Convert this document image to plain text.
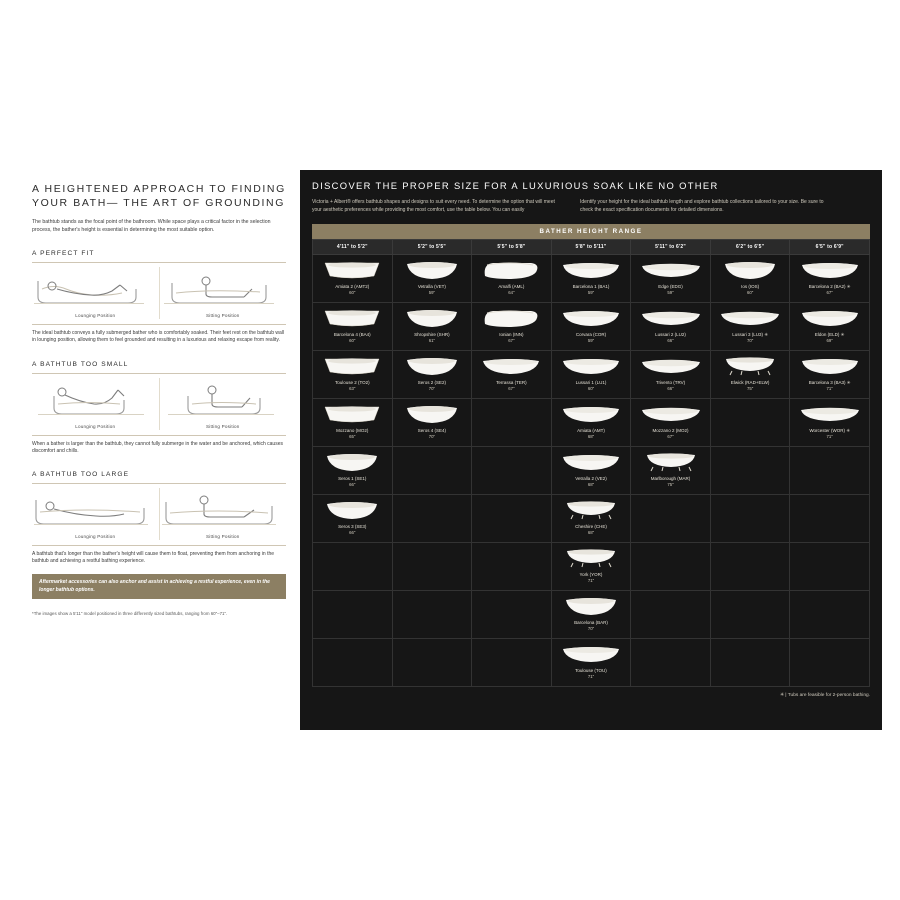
A HEIGHTENED APPROACH TO FINDING YOUR BATH— THE ART OF GROUNDING
The bathtub stands as the focal point of the bathroom. While space plays a critical factor in the selection process, the bather's height is essential in determining the most suitable option.
A PERFECT FIT
Lounging Position	Sitting Position
The ideal bathtub conveys a fully submerged bather who is comfortably soaked. Their feet rest on the bathtub wall in lounging position, allowing them to feel grounded and resulting in a luxurious and relaxing escape from reality.
A BATHTUB TOO SMALL
Lounging Position	Sitting Position
When a bather is larger than the bathtub, they cannot fully submerge in the water and be anchored, which causes discomfort and chills.
A BATHTUB TOO LARGE
Lounging Position	Sitting Position
A bathtub that's longer than the bather's height will cause them to float, preventing them from anchoring in the bathtub and achieving a restful bathing experience.
Aftermarket accessories can also anchor and assist in achieving a restful experience, even in the longer bathtub options.
*The images show a 5'11" model positioned in three differently sized bathtubs, ranging from 60"–71".
DISCOVER THE PROPER SIZE FOR A LUXURIOUS SOAK LIKE NO OTHER

Victoria + Albert® offers bathtub shapes and designs to suit every need. To determine the option that will meet your aesthetic preferences while providing the most comfort, use the table below. You can easily

Identify your height for the ideal bathtub length and explore bathtub collections tailored to your size. Be sure to check the exact specification documents for detailed dimensions.

BATHER HEIGHT RANGE
4'11" to 5'2"	5'2" to 5'5"	5'5" to 5'8"	5'8" to 5'11"	5'11" to 6'2"	6'2" to 6'5"	6'5" to 6'9"

Amiata 2 (AMT2)
60"	Vetralla (VET)
59"	Amalfi (AML)
64"	Barcelona 1 (BA1)
59"	Edge (EDG)
59"	Ios (IOS)
60"	Barcelona 2 (BA2) ✳
67"

Barcelona 4 (BA4)
60"	Shropshire (SHR)
61"	Ionian (INN)
67"	Corvara (COR)
59"	Lussari 2 (LU2)
66"	Lussari 3 (LU3) ✳
70"	Eldon (ELD) ✳
69"

Toulouse 2 (TO2)
63"	Seros 2 (SE2)
70"	Terrassa (TER)
67"	Lussari 1 (LU1)
60"	Trivento (TRV)
66"	Elwick (RAD+ELW)
75"	Barcelona 3 (BA3) ✳
71"

Mozzano (MO2)
65"	Seros 4 (SE4)
70"		Amiata (AMT)
68"	Mozzano 2 (MO2)
67"		Worcester (WOR) ✳
71"

Seros 1 (SE1)
66"			Vetralla 2 (VE2)
68"	Marlborough (MAR)
75"		

Seros 3 (SE3)
66"			Cheshire (CHE)
68"			

			York (YOR)
71"			

			Barcelona (BAR)
70"			

			Toulouse (TOU)
71"			

✳ | Tubs are feasible for 2-person bathing.
